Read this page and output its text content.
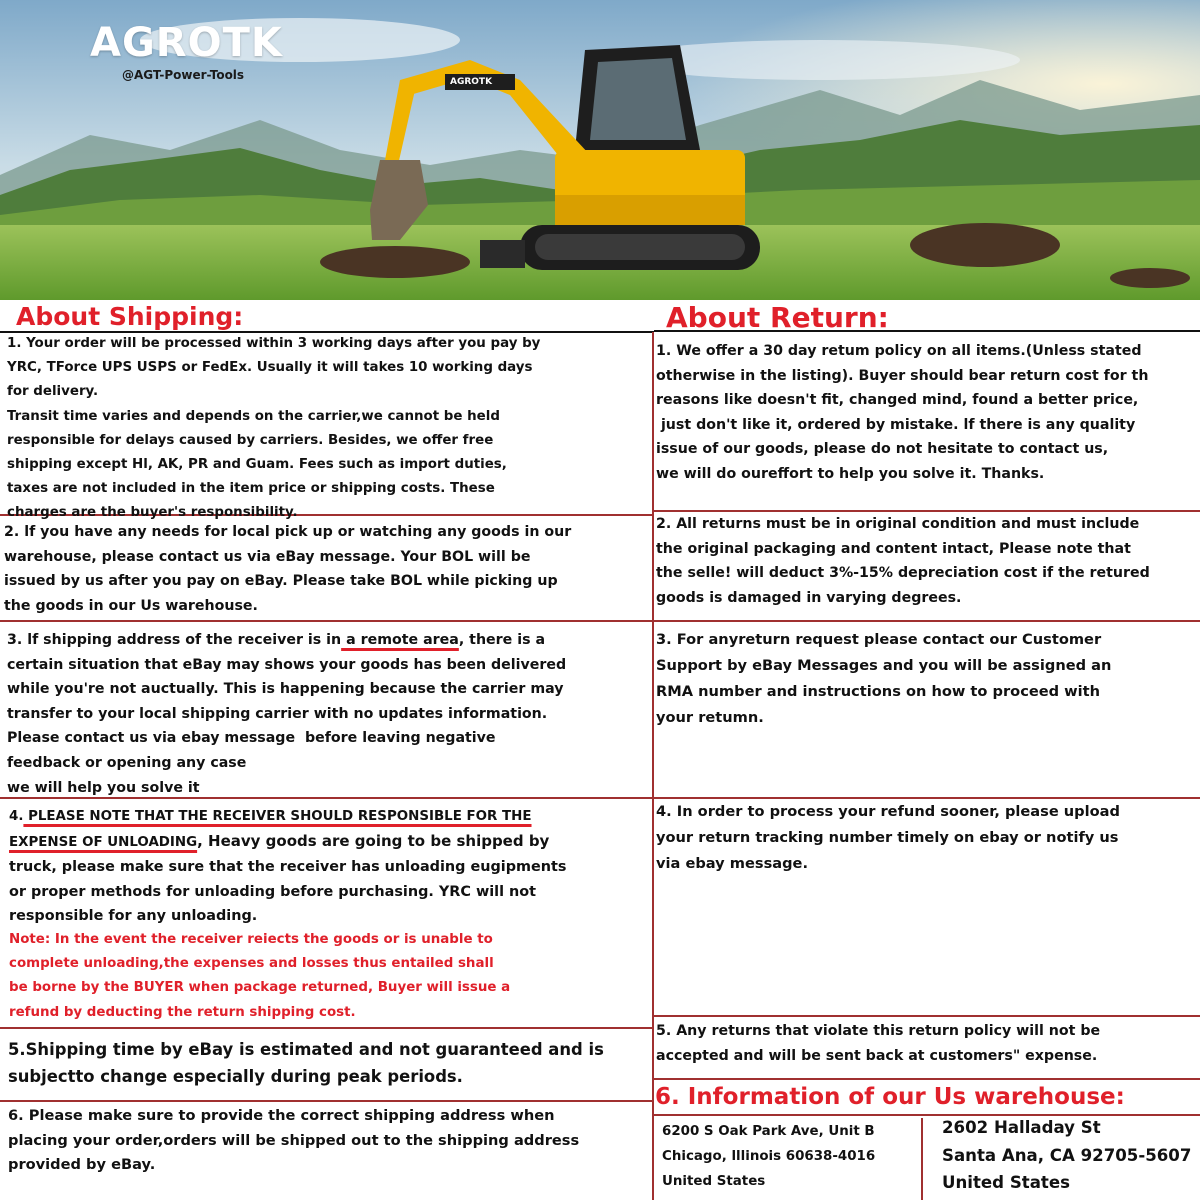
AGROTK
@AGT-Power-Tools	AGROTK
About Shipping:	About Return:
6. Information of our Us warehouse:

1. Your order will be processed within 3 working days after you pay by

YRC, TForce UPS USPS or FedEx. Usually it will takes 10 working days

for delivery.

Transit time varies and depends on the carrier,we cannot be held

responsible for delays caused by carriers. Besides, we offer free

shipping except Hl, AK, PR and Guam. Fees such as import duties,

taxes are not included in the item price or shipping costs. These

charges are the buyer's responsibility.

2. lf you have any needs for local pick up or watching any goods in our

warehouse, please contact us via eBay message. Your BOL will be

issued by us after you pay on eBay. Please take BOL while picking up

the goods in our Us warehouse.

3. lf shipping address of the receiver is in a remote area, there is a

certain situation that eBay may shows your goods has been delivered

while you're not auctually. This is happening because the carrier may

transfer to your local shipping carrier with no updates information.

Please contact us via ebay message  before leaving negative

feedback or opening any case

we will help you solve it

4. PLEASE NOTE THAT THE RECEIVER SHOULD RESPONSIBLE FOR THE

EXPENSE OF UNLOADING, Heavy goods are going to be shipped by

truck, please make sure that the receiver has unloading eugipments

or proper methods for unloading before purchasing. YRC will not

responsible for any unloading.

Note: In the event the receiver reiects the goods or is unable to

complete unloading,the expenses and losses thus entailed shall

be borne by the BUYER when package returned, Buyer will issue a

refund by deducting the return shipping cost.

5.Shipping time by eBay is estimated and not guaranteed and is

subjectto change especially during peak periods.

6. Please make sure to provide the correct shipping address when

placing your order,orders will be shipped out to the shipping address

provided by eBay.

1. We offer a 30 day retum policy on all items.(Unless stated

otherwise in the listing). Buyer should bear return cost for th

reasons like doesn't fit, changed mind, found a better price,

just don't like it, ordered by mistake. lf there is any quality

issue of our goods, please do not hesitate to contact us,

we will do oureffort to help you solve it. Thanks.

2. All returns must be in original condition and must include

the original packaging and content intact, Please note that

the selle! will deduct 3%-15% depreciation cost if the retured

goods is damaged in varying degrees.

3. For anyreturn request please contact our Customer

Support by eBay Messages and you will be assigned an

RMA number and instructions on how to proceed with

your retumn.

4. In order to process your refund sooner, please upload

your return tracking number timely on ebay or notify us

via ebay message.

5. Any returns that violate this return policy will not be

accepted and will be sent back at customers" expense.

6200 S Oak Park Ave, Unit B

Chicago, lllinois 60638-4016

United States

2602 Halladay St

Santa Ana, CA 92705-5607

United States
